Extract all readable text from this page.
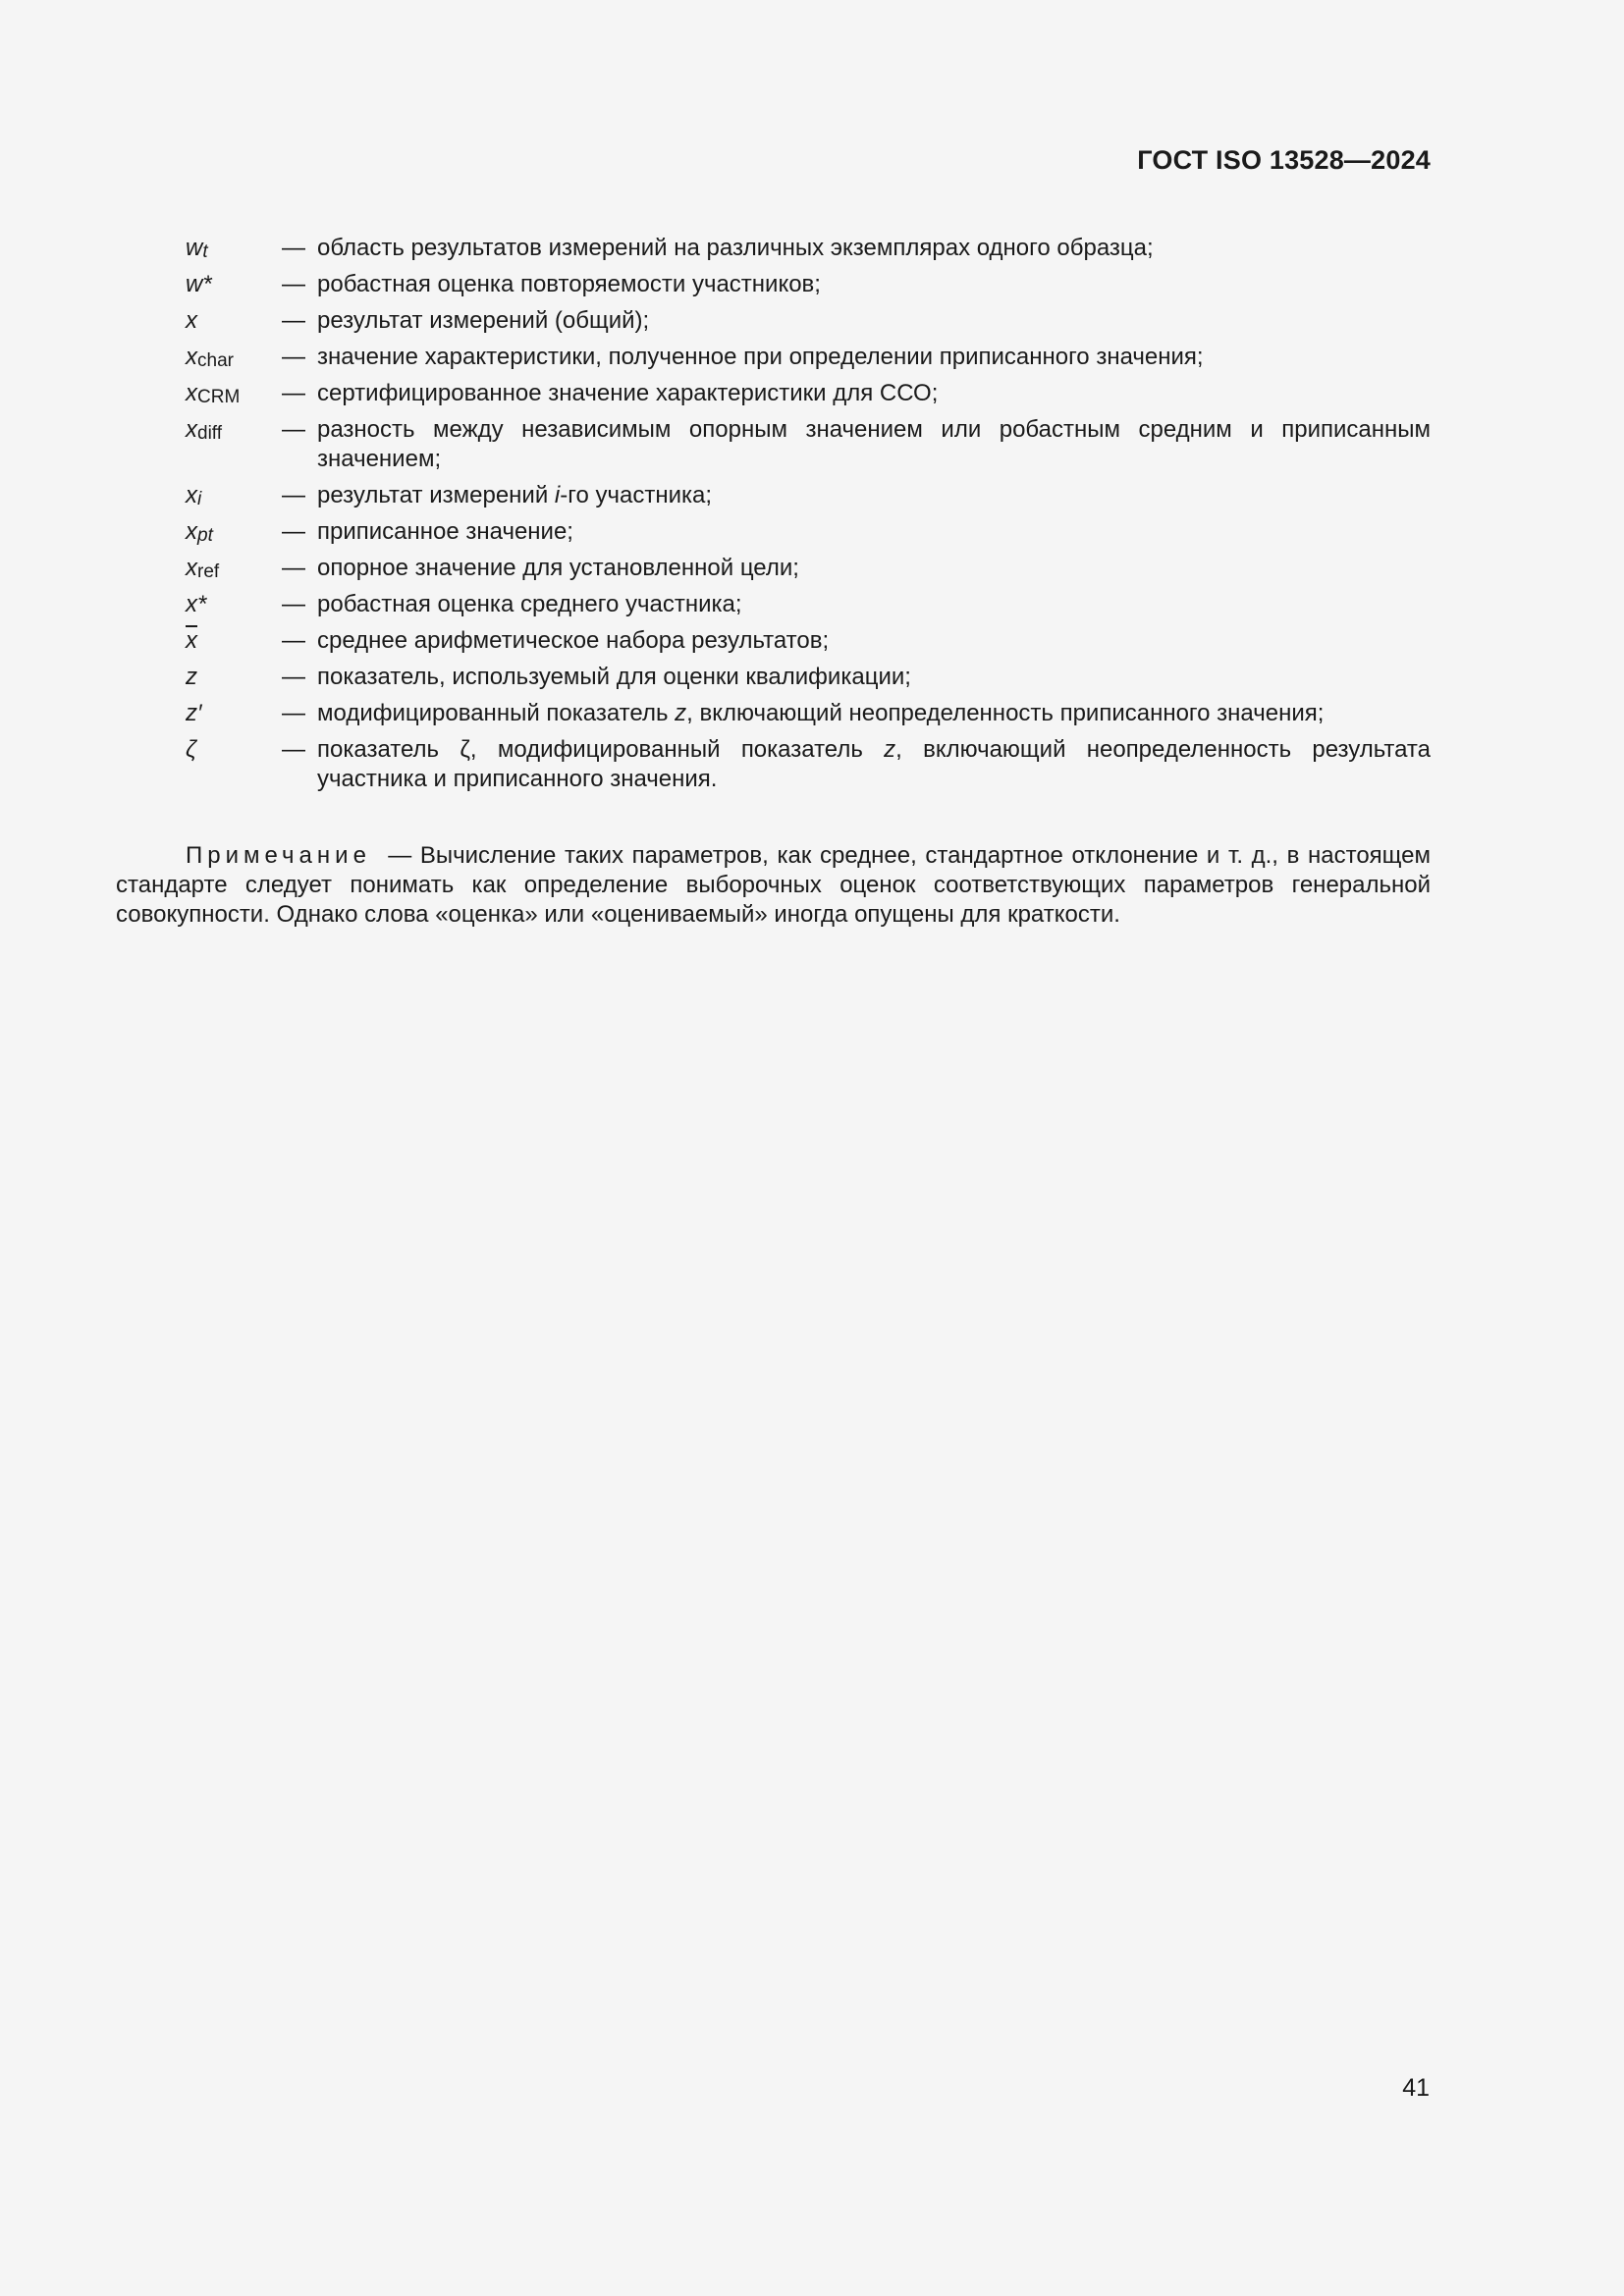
ГОСТ ISO 13528—2024
$w_t$	— область результатов измерений на различных экземплярах одного образца;
w*	— робастная оценка повторяемости участников;
x	— результат измерений (общий);
$x_{char}$	— значение характеристики, полученное при определении приписанного значения;
$x_{CRM}$	— сертифицированное значение характеристики для ССО;
$x_{diff}$	— разность между независимым опорным значением или робастным средним и приписанным значением;
$x_i$	— результат измерений i-го участника;
$x_{pt}$	— приписанное значение;
$x_{ref}$	— опорное значение для установленной цели;
x*	— робастная оценка среднего участника;
$\overline{x}$	— среднее арифметическое набора результатов;
z	— показатель, используемый для оценки квалификации;
z′	— модифицированный показатель z, включающий неопределенность приписанного значения;
ζ	— показатель ζ, модифицированный показатель z, включающий неопределенность результата участника и приписанного значения.
Примечание — Вычисление таких параметров, как среднее, стандартное отклонение и т. д., в настоящем стандарте следует понимать как определение выборочных оценок соответствующих параметров генеральной совокупности. Однако слова «оценка» или «оцениваемый» иногда опущены для краткости.
41
